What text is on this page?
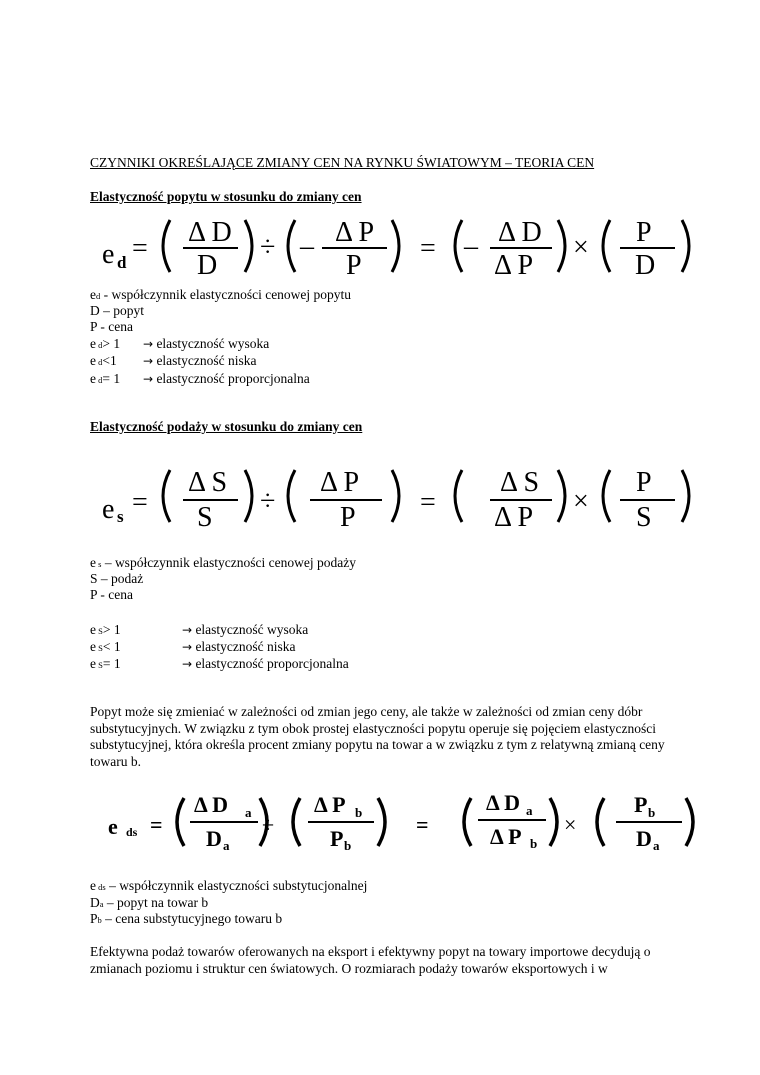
CZYNNIKI OKREŚLAJĄCE ZMIANY CEN NA RYNKU ŚWIATOWYM – TEORIA CEN
Elastyczność popytu w stosunku do zmiany cen
e d =
Δ D
D
÷ – Δ P
P
= – Δ D
Δ P
× P
D
ed - współczynnik elastyczności cenowej popytu
D – popyt
P - cena
e d> 1 → elastyczność wysoka
e d<1 → elastyczność niska
e d= 1 → elastyczność proporcjonalna
Elastyczność podaży w stosunku do zmiany cen
e s =
Δ S
S
÷
Δ P
P =
Δ S
Δ P
×
P
S
e s – współczynnik elastyczności cenowej podaży
S – podaż
P - cena
e S> 1	→ elastyczność wysoka
e S< 1	→ elastyczność niska
e S= 1	→ elastyczność proporcjonalna
Popyt może się zmieniać w zależności od zmian jego ceny, ale także w zależności od zmian ceny dóbr substytucyjnych. W związku z tym obok prostej elastyczności popytu operuje się pojęciem elastyczności substytucyjnej, która określa procent zmiany popytu na towar a w związku z tym z relatywną zmianą ceny towaru b.
e ds =
Δ D a
D a
÷
Δ P b
P b
=
Δ D a
Δ P b
×
P b
D a
e ds – współczynnik elastyczności substytucjonalnej
Da – popyt na towar b
Pb – cena substytucyjnego towaru b
Efektywna podaż towarów oferowanych na eksport i efektywny popyt na towary importowe decydują o zmianach poziomu i struktur cen światowych. O rozmiarach podaży towarów eksportowych i w
